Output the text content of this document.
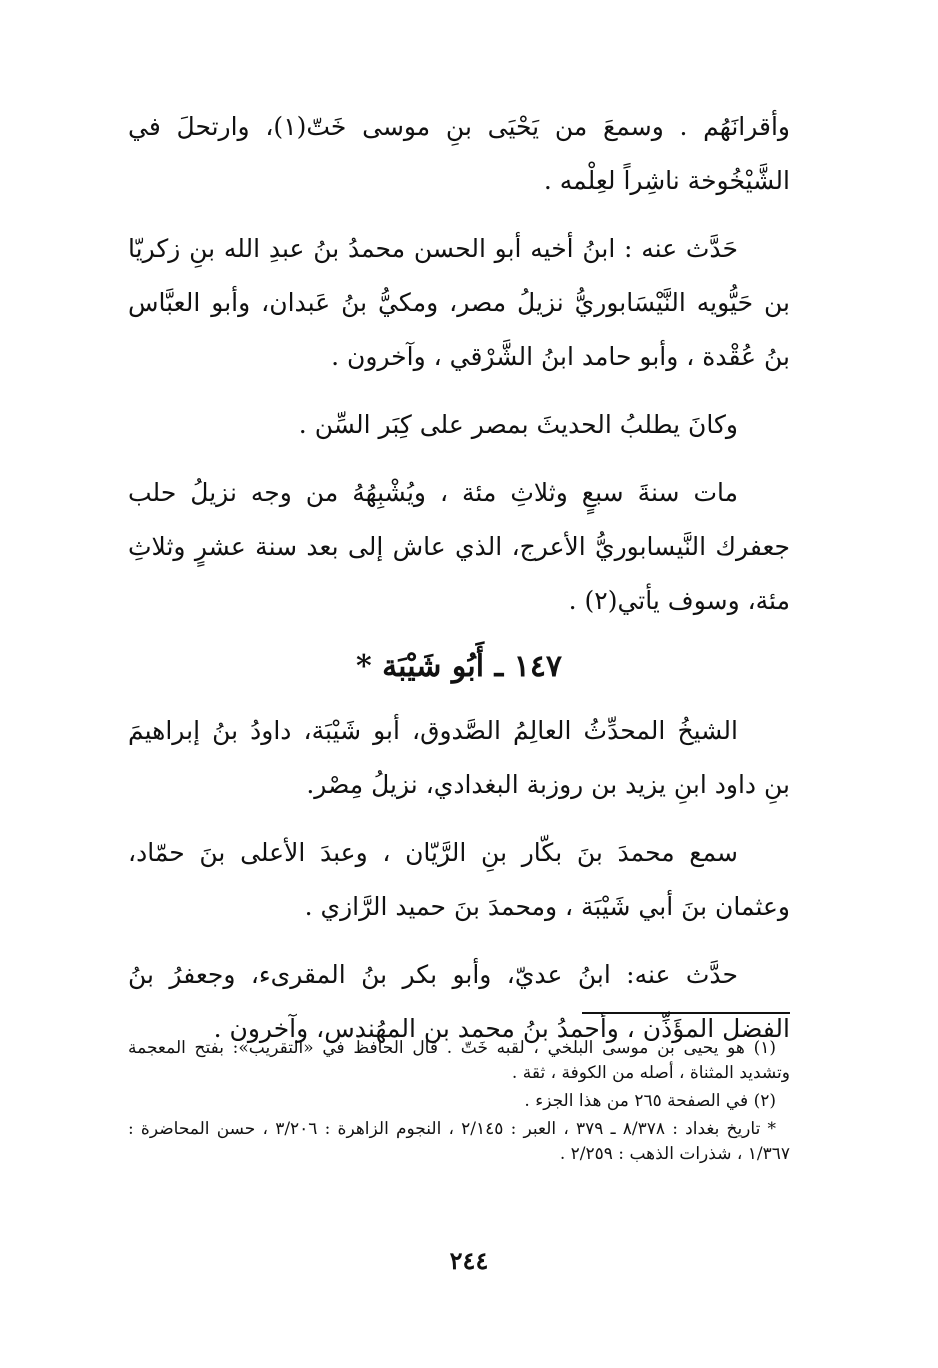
وأقرانَهُم . وسمعَ من يَحْيَى بنِ موسى خَتّ(١)، وارتحلَ في الشَّيْخُوخة ناشِراً لعِلْمه .

حَدَّث عنه : ابنُ أخيه أبو الحسن محمدُ بنُ عبدِ الله بنِ زكريّا بن حَيُّويه النَّيْسَابوريُّ نزيلُ مصر، ومكيُّ بنُ عَبدان، وأبو العبَّاس بنُ عُقْدة ، وأبو حامد ابنُ الشَّرْقي ، وآخرون .

وكانَ يطلبُ الحديثَ بمصر على كِبَر السِّن .

مات سنةَ سبعٍ وثلاثِ مئة ، ويُشْبِهُهُ من وجه نزيلُ حلب جعفرك النَّيسابوريُّ الأعرج، الذي عاش إلى بعد سنة عشرٍ وثلاثِ مئة، وسوف يأتي(٢) .

١٤٧ ـ أَبُو شَيْبَة *

الشيخُ المحدِّثُ العالِمُ الصَّدوق، أبو شَيْبَة، داودُ بنُ إبراهيمَ بنِ داود ابنِ يزيد بن روزبة البغدادي، نزيلُ مِصْر.

سمع محمدَ بنَ بكّار بنِ الرَّيّان ، وعبدَ الأعلى بنَ حمّاد، وعثمان بنَ أبي شَيْبَة ، ومحمدَ بنَ حميد الرَّازي .

حدَّث عنه: ابنُ عديّ، وأبو بكر بنُ المقرىء، وجعفرُ بنُ الفضل المؤَذِّن ، وأحمدُ بنُ محمد بن المهُندس، وآخرون .

(١) هو يحيى بن موسى البلخي ، لقبه خَتّ . قال الحافظ في «التقريب»: بفتح المعجمة وتشديد المثناة ، أصله من الكوفة ، ثقة .

(٢) في الصفحة ٢٦٥ من هذا الجزء .

* تاريخ بغداد : ٨/٣٧٨ ـ ٣٧٩ ، العبر : ٢/١٤٥ ، النجوم الزاهرة : ٣/٢٠٦ ، حسن المحاضرة : ١/٣٦٧ ، شذرات الذهب : ٢/٢٥٩ .

٢٤٤
